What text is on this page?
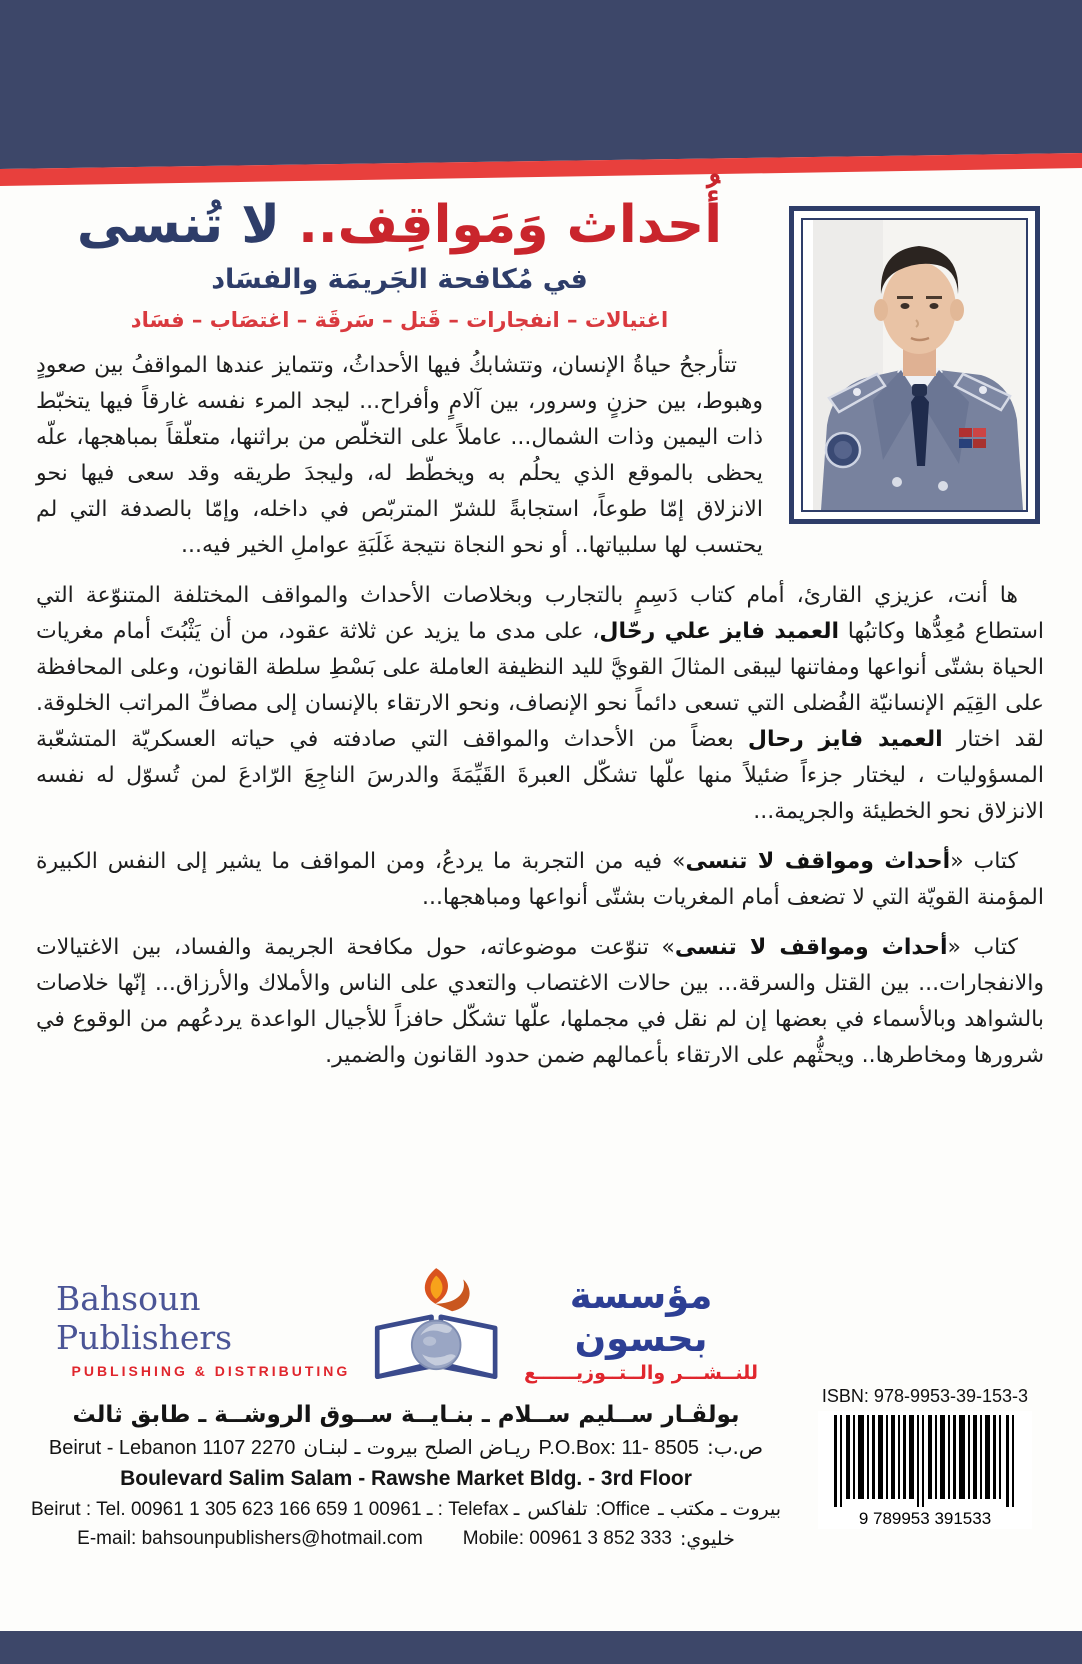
أُحداث وَمَواقِف.. لا تُنسى
في مُكافحة الجَريمَة والفسَاد
اغتيالات – انفجارات – قَتل – سَرقَة – اغتصَاب – فسَاد

تتأرجحُ حياةُ الإنسان، وتتشابكُ فيها الأحداثُ، وتتمايز عندها المواقفُ بين صعودٍ وهبوط، بين حزنٍ وسرور، بين آلامٍ وأفراح... ليجد المرء نفسه غارقاً فيها يتخبّط ذات اليمين وذات الشمال... عاملاً على التخلّص من براثنها، متعلّقاً بمباهجها، علّه يحظى بالموقع الذي يحلُم به ويخطّط له، وليجدَ طريقه وقد سعى فيها نحو الانزلاق إمّا طوعاً، استجابةً للشرّ المتربّص في داخله، وإمّا بالصدفة التي لم يحتسب لها سلبياتها.. أو نحو النجاة نتيجة غَلَبَةِ عواملِ الخير فيه...

ها أنت، عزيزي القارئ، أمام كتاب دَسِمٍ بالتجارب وبخلاصات الأحداث والمواقف المختلفة المتنوّعة التي استطاع مُعِدُّها وكاتبُها العميد فايز علي رحّال، على مدى ما يزيد عن ثلاثة عقود، من أن يَثْبُتَ أمام مغريات الحياة بشتّى أنواعها ومفاتنها ليبقى المثالَ القويَّ لليد النظيفة العاملة على بَسْطِ سلطة القانون، وعلى المحافظة على القِيَم الإنسانيّة الفُضلى التي تسعى دائماً نحو الإنصاف، ونحو الارتقاء بالإنسان إلى مصافِّ المراتب الخلوقة. لقد اختار العميد فايز رحال بعضاً من الأحداث والمواقف التي صادفته في حياته العسكريّة المتشعّبة المسؤوليات ، ليختار جزءاً ضئيلاً منها علّها تشكّل العبرةَ القَيِّمَةَ والدرسَ الناجِعَ الرّادعَ لمن تُسوّل له نفسه الانزلاق نحو الخطيئة والجريمة...

كتاب «أحداث ومواقف لا تنسى» فيه من التجربة ما يردعُ، ومن المواقف ما يشير إلى النفس الكبيرة المؤمنة القويّة التي لا تضعف أمام المغريات بشتّى أنواعها ومباهجها...

كتاب «أحداث ومواقف لا تنسى» تنوّعت موضوعاته، حول مكافحة الجريمة والفساد، بين الاغتيالات والانفجارات... بين القتل والسرقة... بين حالات الاغتصاب والتعدي على الناس والأملاك والأرزاق... إنّها خلاصات بالشواهد وبالأسماء في بعضها إن لم نقل في مجملها، علّها تشكّل حافزاً للأجيال الواعدة يردعُهم من الوقوع في شرورها ومخاطرها.. ويحثُّهم على الارتقاء بأعمالهم ضمن حدود القانون والضمير.

Bahsoun Publishers
PUBLISHING & DISTRIBUTING
مؤسسة بحسون
للنــشـــر والــتــوزيــــــع
بولڤـار ســليم ســلام ـ بنـايــة ســوق الروشــة ـ طابق ثالث
Beirut - Lebanon 1107 2270 ريـاض الصلح بيروت ـ لبنـان P.O.Box: 11- 8505 ص.ب:
Boulevard Salim Salam - Rawshe Market Bldg. - 3rd Floor
Beirut : Tel. 00961 1 305 623 ـ 00961 1 659 166 : Telefax ـ تلفاكس :Office بيروت ـ مكتب ـ
E-mail: bahsounpublishers@hotmail.com Mobile: 00961 3 852 333 خليوي:
ISBN: 978-9953-39-153-3
9 789953 391533
